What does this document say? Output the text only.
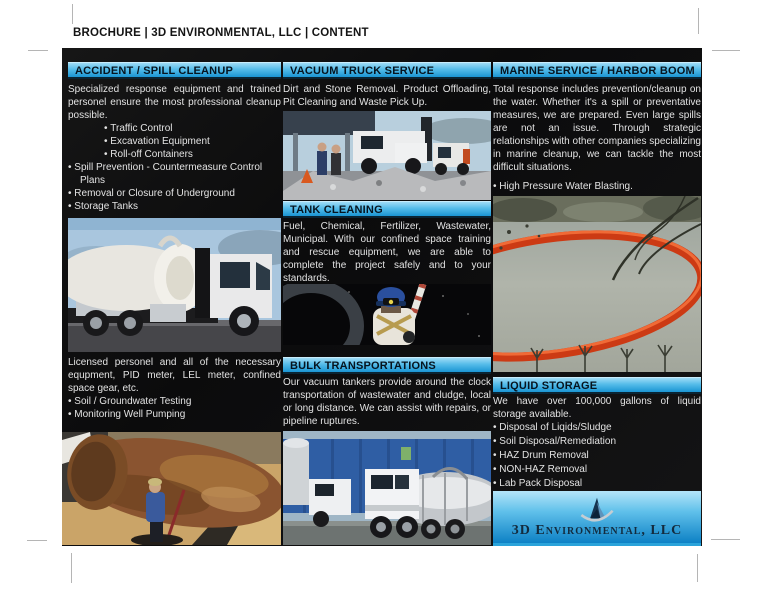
BROCHURE | 3D ENVIRONMENTAL, LLC | CONTENT
ACCIDENT / SPILL CLEANUP

Specialized response equipment and trained personel ensure the most professional cleanup possible.

• Traffic Control
• Excavation Equipment
• Roll-off Containers
• Spill Prevention - Countermeasure Control Plans
• Removal or Closure of Underground
• Storage Tanks

Licensed personel and all of the necessary equpment, PID meter, LEL meter, confined space gear, etc.

• Soil / Groundwater Testing
• Monitoring Well Pumping
VACUUM TRUCK SERVICE

Dirt and Stone Removal. Product Offloading, Pit Cleaning and Waste Pick Up.

TANK CLEANING

Fuel, Chemical, Fertilizer, Wastewater, Municipal. With our confined space training and rescue equipment, we are able to complete the project safely and to your standards.

BULK TRANSPORTATIONS

Our vacuum tankers provide around the clock transportation of wastewater and cludge, local or long distance. We can assist with repairs, or pipeline ruptures.

MARINE SERVICE / HARBOR BOOM

Total response includes prevention/cleanup on the water. Whether it's a spill or preventative measures, we are prepared. Even large spills are not an issue. Through strategic relationships with other companies specializing in marine cleanup, we can tackle the most difficult situations.

• High Pressure Water Blasting.
LIQUID STORAGE

We have over 100,000 gallons of liquid storage available.

• Disposal of Liqids/Sludge
• Soil Disposal/Remediation
• HAZ Drum Removal
• NON-HAZ Removal
• Lab Pack Disposal
3D Environmental, LLC
